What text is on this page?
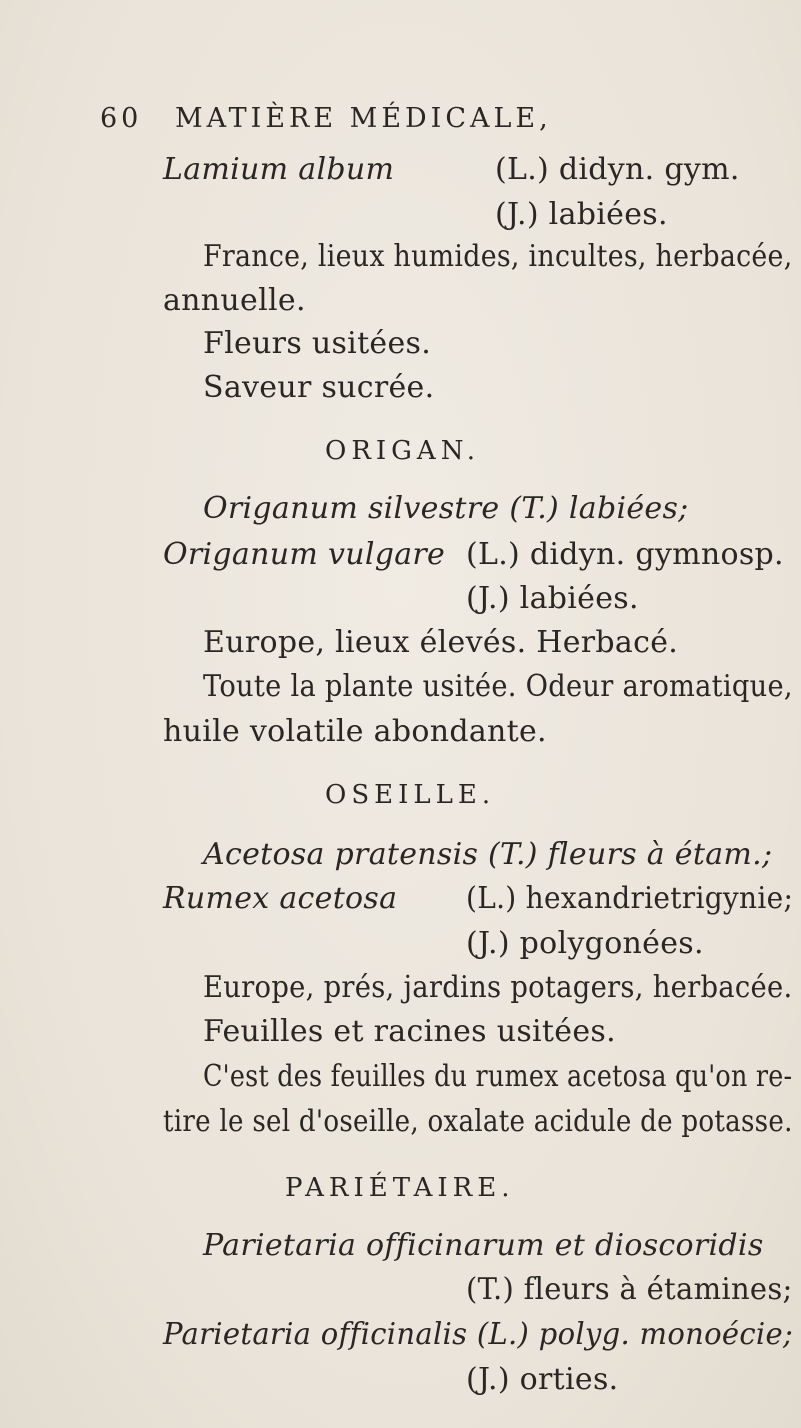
60 MATIÈRE MÉDICALE,
Lamium album	(L.) didyn. gym.
(J.) labiées.
France, lieux humides, incultes, herbacée,
annuelle.
Fleurs usitées.
Saveur sucrée.
ORIGAN.
Origanum silvestre (T.) labiées;
Origanum vulgare (L.) didyn. gymnosp.
(J.) labiées.
Europe, lieux élevés. Herbacé.
Toute la plante usitée. Odeur aromatique,
huile volatile abondante.
OSEILLE.
Acetosa pratensis (T.) fleurs à étam.;
Rumex acetosa (L.) hexandrietrigynie;
(J.) polygonées.
Europe, prés, jardins potagers, herbacée.
Feuilles et racines usitées.
C'est des feuilles du rumex acetosa qu'on re-
tire le sel d'oseille, oxalate acidule de potasse.
PARIÉTAIRE.
Parietaria officinarum et dioscoridis
(T.) fleurs à étamines;
Parietaria officinalis (L.) polyg. monoécie;
(J.) orties.
